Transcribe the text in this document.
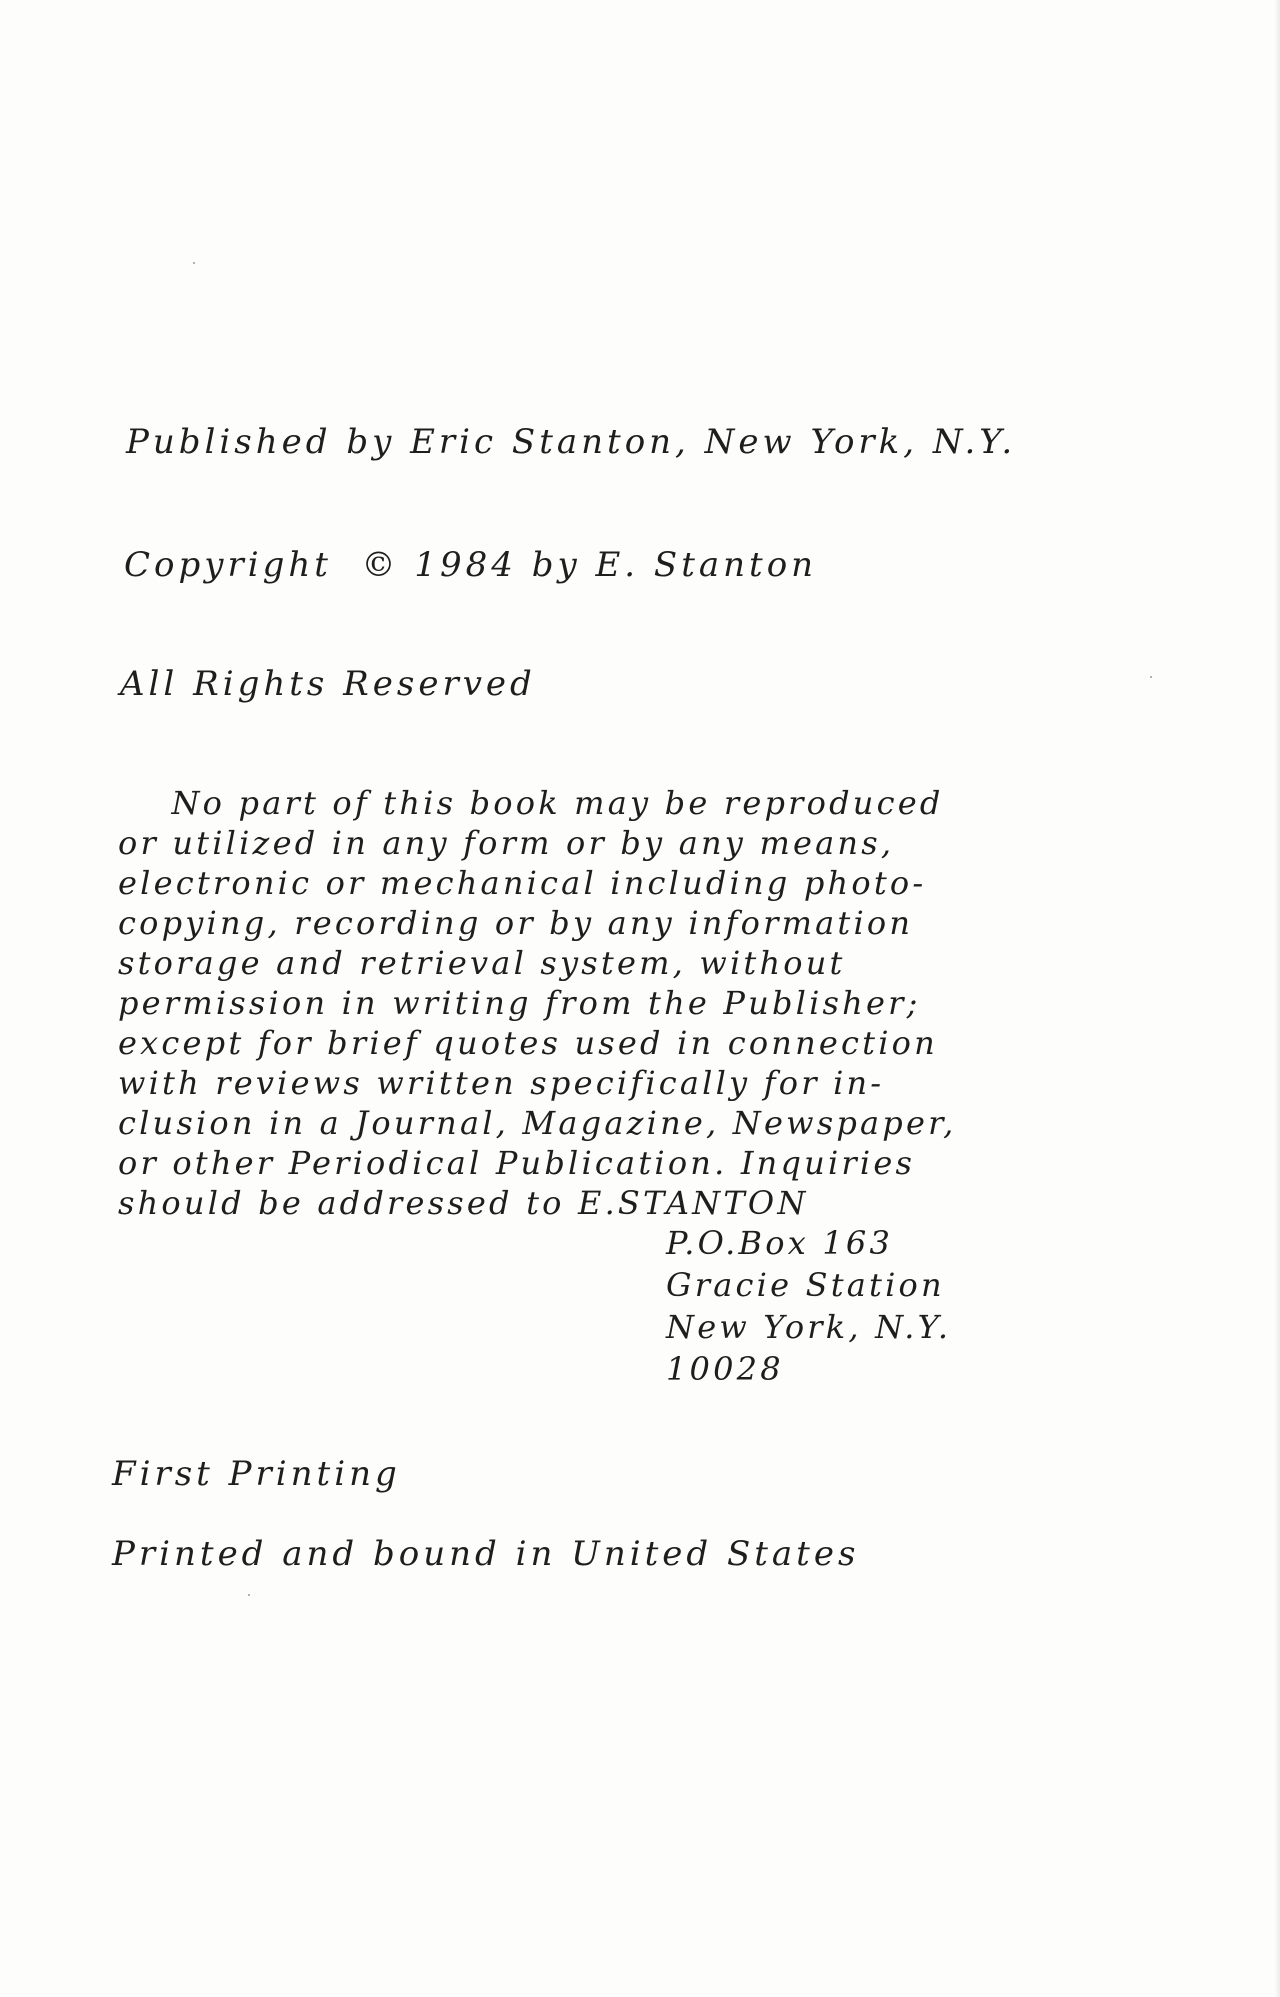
Published by Eric Stanton, New York, N.Y.

Copyright © 1984 by E. Stanton

All Rights Reserved

No part of this book may be reproduced
or utilized in any form or by any means,
electronic or mechanical including photo-
copying, recording or by any information
storage and retrieval system, without
permission in writing from the Publisher;
except for brief quotes used in connection
with reviews written specifically for in-
clusion in a Journal, Magazine, Newspaper,
or other Periodical Publication. Inquiries
should be addressed to E.STANTON
P.O.Box 163
Gracie Station
New York, N.Y.
10028

First Printing

Printed and bound in United States
